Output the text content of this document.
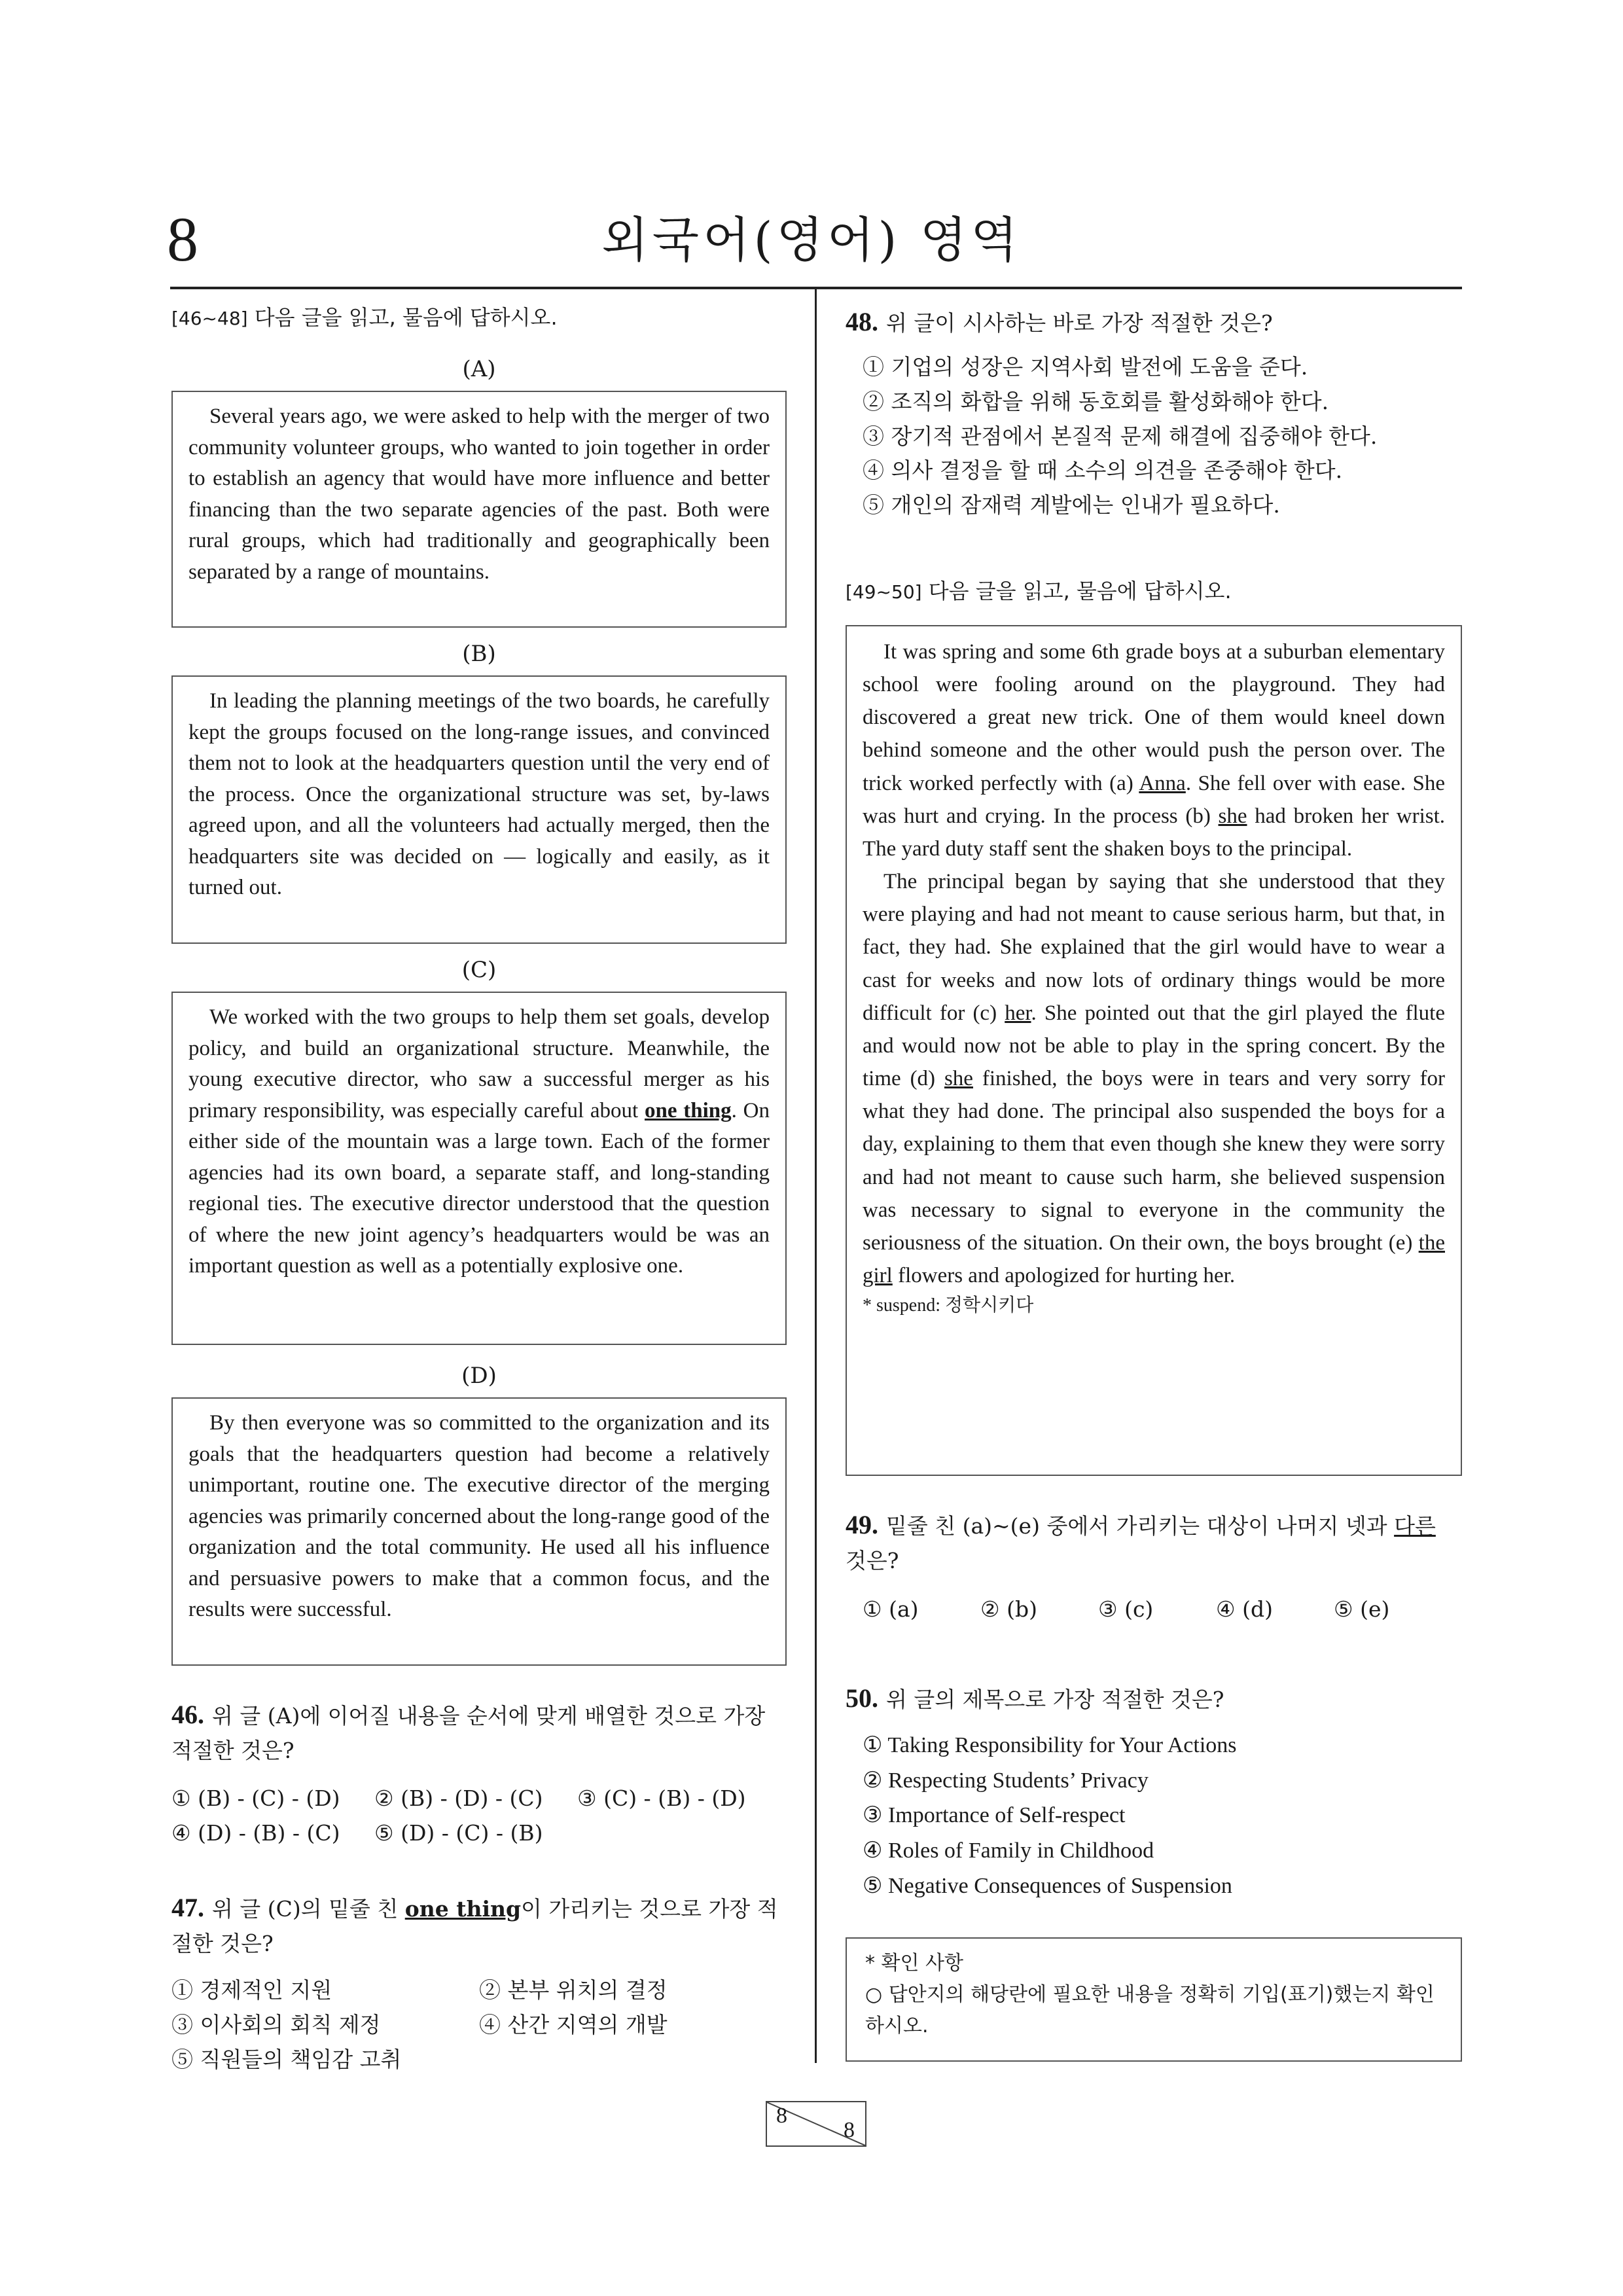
8	외국어(영어) 영역
[46~48] 다음 글을 읽고, 물음에 답하시오.
(A)

Several years ago, we were asked to help with the merger of two community volunteer groups, who wanted to join together in order to establish an agency that would have more influence and better financing than the two separate agencies of the past. Both were rural groups, which had traditionally and geographically been separated by a range of mountains.

(B)

In leading the planning meetings of the two boards, he carefully kept the groups focused on the long-range issues, and convinced them not to look at the headquarters question until the very end of the process. Once the organizational structure was set, by-laws agreed upon, and all the volunteers had actually merged, then the headquarters site was decided on — logically and easily, as it turned out.

(C)

We worked with the two groups to help them set goals, develop policy, and build an organizational structure. Meanwhile, the young executive director, who saw a successful merger as his primary responsibility, was especially careful about one thing. On either side of the mountain was a large town. Each of the former agencies had its own board, a separate staff, and long-standing regional ties. The executive director understood that the question of where the new joint agency’s headquarters would be was an important question as well as a potentially explosive one.

(D)

By then everyone was so committed to the organization and its goals that the headquarters question had become a relatively unimportant, routine one. The executive director of the merging agencies was primarily concerned about the long-range good of the organization and the total community. He used all his influence and persuasive powers to make that a common focus, and the results were successful.

46. 위 글 (A)에 이어질 내용을 순서에 맞게 배열한 것으로 가장 적절한 것은?
① (B) - (C) - (D) ② (B) - (D) - (C) ③ (C) - (B) - (D)
④ (D) - (B) - (C) ⑤ (D) - (C) - (B)
47. 위 글 (C)의 밑줄 친 one thing이 가리키는 것으로 가장 적절한 것은?
① 경제적인 지원	② 본부 위치의 결정
③ 이사회의 회칙 제정	④ 산간 지역의 개발
⑤ 직원들의 책임감 고취
48. 위 글이 시사하는 바로 가장 적절한 것은?
① 기업의 성장은 지역사회 발전에 도움을 준다.
② 조직의 화합을 위해 동호회를 활성화해야 한다.
③ 장기적 관점에서 본질적 문제 해결에 집중해야 한다.
④ 의사 결정을 할 때 소수의 의견을 존중해야 한다.
⑤ 개인의 잠재력 계발에는 인내가 필요하다.
[49~50] 다음 글을 읽고, 물음에 답하시오.

It was spring and some 6th grade boys at a suburban elementary school were fooling around on the playground. They had discovered a great new trick. One of them would kneel down behind someone and the other would push the person over. The trick worked perfectly with (a) Anna. She fell over with ease. She was hurt and crying. In the process (b) she had broken her wrist. The yard duty staff sent the shaken boys to the principal.

The principal began by saying that she understood that they were playing and had not meant to cause serious harm, but that, in fact, they had. She explained that the girl would have to wear a cast for weeks and now lots of ordinary things would be more difficult for (c) her. She pointed out that the girl played the flute and would now not be able to play in the spring concert. By the time (d) she finished, the boys were in tears and very sorry for what they had done. The principal also suspended the boys for a day, explaining to them that even though she knew they were sorry and had not meant to cause such harm, she believed suspension was necessary to signal to everyone in the community the seriousness of the situation. On their own, the boys brought (e) the girl flowers and apologized for hurting her.

* suspend: 정학시키다
49. 밑줄 친 (a)~(e) 중에서 가리키는 대상이 나머지 넷과 다른 것은?
① (a)	② (b)	③ (c)	④ (d)	⑤ (e)
50. 위 글의 제목으로 가장 적절한 것은?
① Taking Responsibility for Your Actions
② Respecting Students’ Privacy
③ Importance of Self-respect
④ Roles of Family in Childhood
⑤ Negative Consequences of Suspension
* 확인 사항
○ 답안지의 해당란에 필요한 내용을 정확히 기입(표기)했는지 확인하시오.
8
8
